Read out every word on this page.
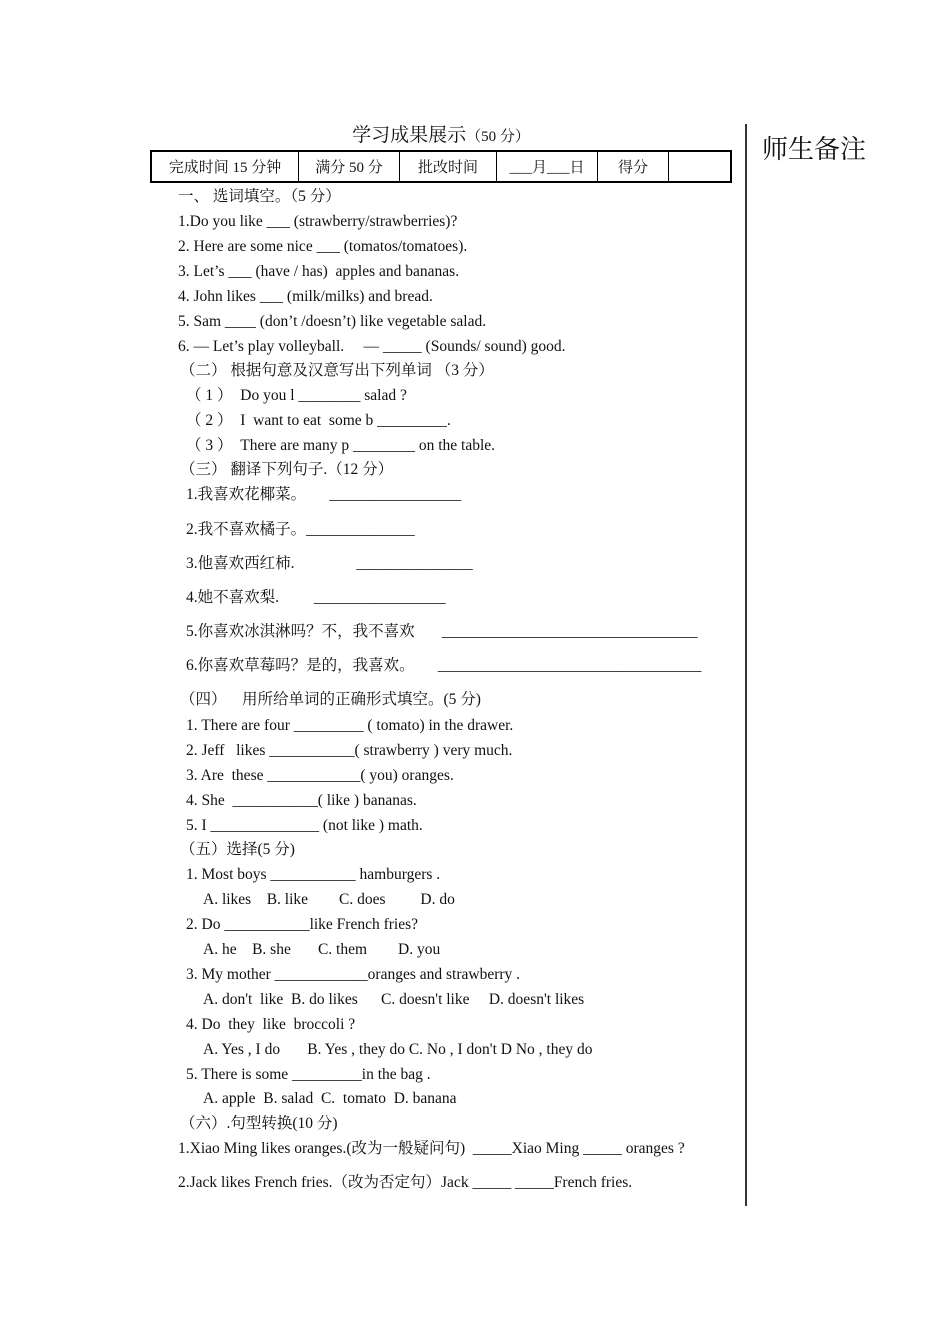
学习成果展示（50 分）
完成时间 15 分钟	满分 50 分	批改时间	___月___日	得分	
师生备注
一、 选词填空。（5 分）
1.Do you like ___ (strawberry/strawberries)?
2. Here are some nice ___ (tomatos/tomatoes).
3. Let’s ___ (have / has)  apples and bananas.
4. John likes ___ (milk/milks) and bread.
5. Sam ____ (don’t /doesn’t) like vegetable salad.
6. — Let’s play volleyball.     — _____ (Sounds/ sound) good.
（二） 根据句意及汉意写出下列单词 （3 分）
（ 1 ）  Do you l ________ salad ?
（ 2 ）  I  want to eat  some b _________.
（ 3 ）  There are many p ________ on the table.
（三） 翻译下列句子.（12 分）
1.我喜欢花椰菜。      _________________
2.我不喜欢橘子。______________
3.他喜欢西红柿.                _______________
4.她不喜欢梨.         _________________
5.你喜欢冰淇淋吗？不，我不喜欢       _________________________________
6.你喜欢草莓吗？是的，我喜欢。      __________________________________
（四）    用所给单词的正确形式填空。(5 分)
1. There are four _________ ( tomato) in the drawer.
2. Jeff   likes ___________( strawberry ) very much.
3. Are  these ____________( you) oranges.
4. She  ___________( like ) bananas.
5. I ______________ (not like ) math.
（五）选择(5 分)
1. Most boys ___________ hamburgers .
A. likes    B. like        C. does         D. do
2. Do ___________like French fries?
A. he    B. she       C. them        D. you
3. My mother ____________oranges and strawberry .
A. don't  like  B. do likes      C. doesn't like     D. doesn't likes
4. Do  they  like  broccoli ?
A. Yes , I do       B. Yes , they do C. No , I don't D No , they do
5. There is some _________in the bag .
A. apple  B. salad  C.  tomato  D. banana
（六）.句型转换(10 分)
1.Xiao Ming likes oranges.(改为一般疑问句)  _____Xiao Ming _____ oranges ?
2.Jack likes French fries.（改为否定句）Jack _____ _____French fries.
